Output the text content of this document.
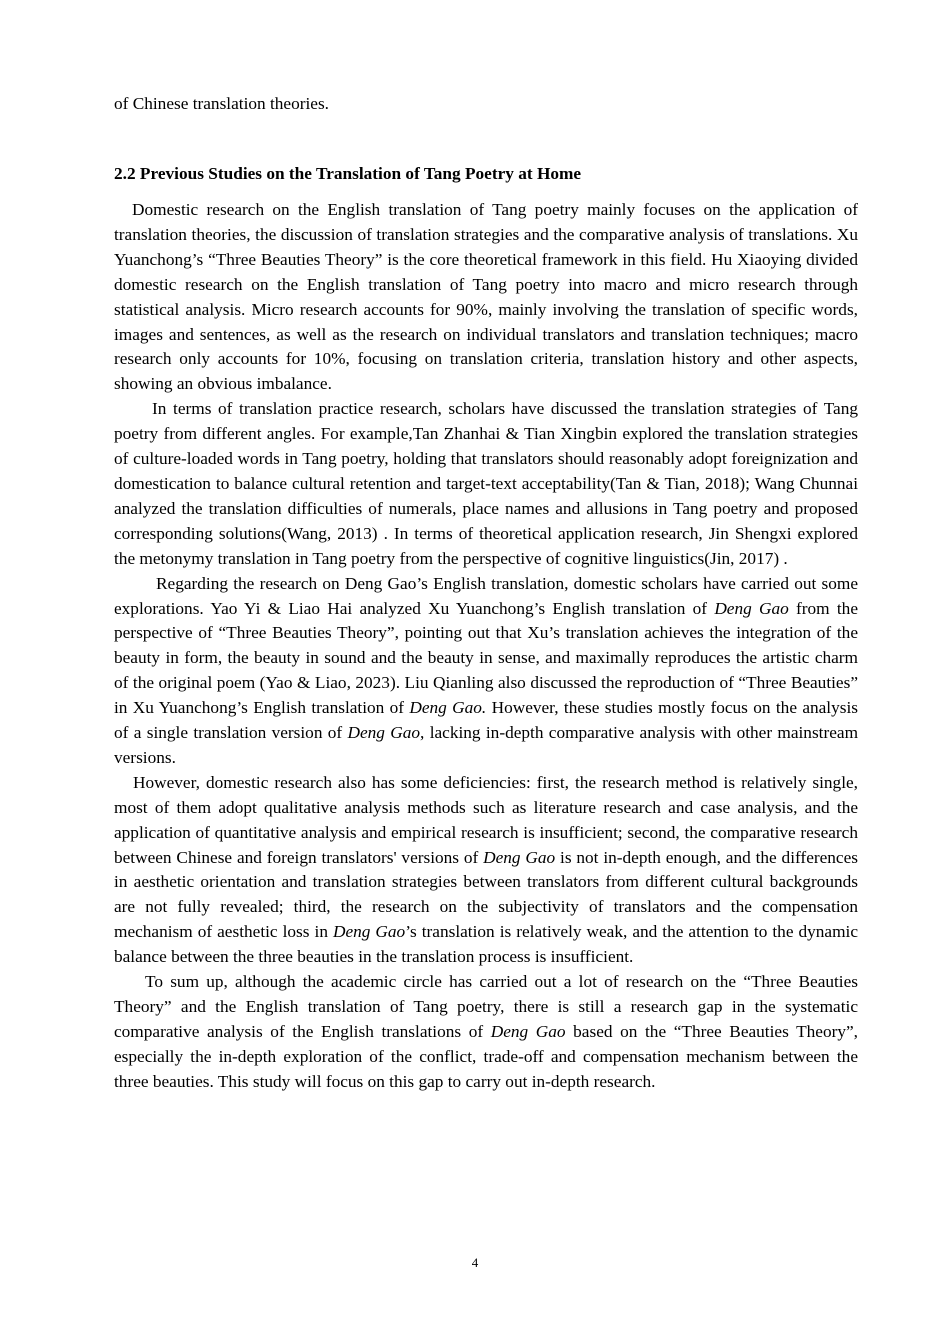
of Chinese translation theories.

2.2 Previous Studies on the Translation of Tang Poetry at Home

Domestic research on the English translation of Tang poetry mainly focuses on the application of translation theories, the discussion of translation strategies and the comparative analysis of translations. Xu Yuanchong’s “Three Beauties Theory” is the core theoretical framework in this field. Hu Xiaoying divided domestic research on the English translation of Tang poetry into macro and micro research through statistical analysis. Micro research accounts for 90%, mainly involving the translation of specific words, images and sentences, as well as the research on individual translators and translation techniques; macro research only accounts for 10%, focusing on translation criteria, translation history and other aspects, showing an obvious imbalance.

In terms of translation practice research, scholars have discussed the translation strategies of Tang poetry from different angles. For example,Tan Zhanhai & Tian Xingbin explored the translation strategies of culture-loaded words in Tang poetry, holding that translators should reasonably adopt foreignization and domestication to balance cultural retention and target-text acceptability(Tan & Tian, 2018); Wang Chunnai analyzed the translation difficulties of numerals, place names and allusions in Tang poetry and proposed corresponding solutions(Wang, 2013) . In terms of theoretical application research, Jin Shengxi explored the metonymy translation in Tang poetry from the perspective of cognitive linguistics(Jin, 2017) .

Regarding the research on Deng Gao’s English translation, domestic scholars have carried out some explorations. Yao Yi & Liao Hai analyzed Xu Yuanchong’s English translation of Deng Gao from the perspective of “Three Beauties Theory”, pointing out that Xu’s translation achieves the integration of the beauty in form, the beauty in sound and the beauty in sense, and maximally reproduces the artistic charm of the original poem (Yao & Liao, 2023). Liu Qianling also discussed the reproduction of “Three Beauties” in Xu Yuanchong’s English translation of Deng Gao. However, these studies mostly focus on the analysis of a single translation version of Deng Gao, lacking in-depth comparative analysis with other mainstream versions.

However, domestic research also has some deficiencies: first, the research method is relatively single, most of them adopt qualitative analysis methods such as literature research and case analysis, and the application of quantitative analysis and empirical research is insufficient; second, the comparative research between Chinese and foreign translators' versions of Deng Gao is not in-depth enough, and the differences in aesthetic orientation and translation strategies between translators from different cultural backgrounds are not fully revealed; third, the research on the subjectivity of translators and the compensation mechanism of aesthetic loss in Deng Gao’s translation is relatively weak, and the attention to the dynamic balance between the three beauties in the translation process is insufficient.

To sum up, although the academic circle has carried out a lot of research on the “Three Beauties Theory” and the English translation of Tang poetry, there is still a research gap in the systematic comparative analysis of the English translations of Deng Gao based on the “Three Beauties Theory”, especially the in-depth exploration of the conflict, trade-off and compensation mechanism between the three beauties. This study will focus on this gap to carry out in-depth research.

4
